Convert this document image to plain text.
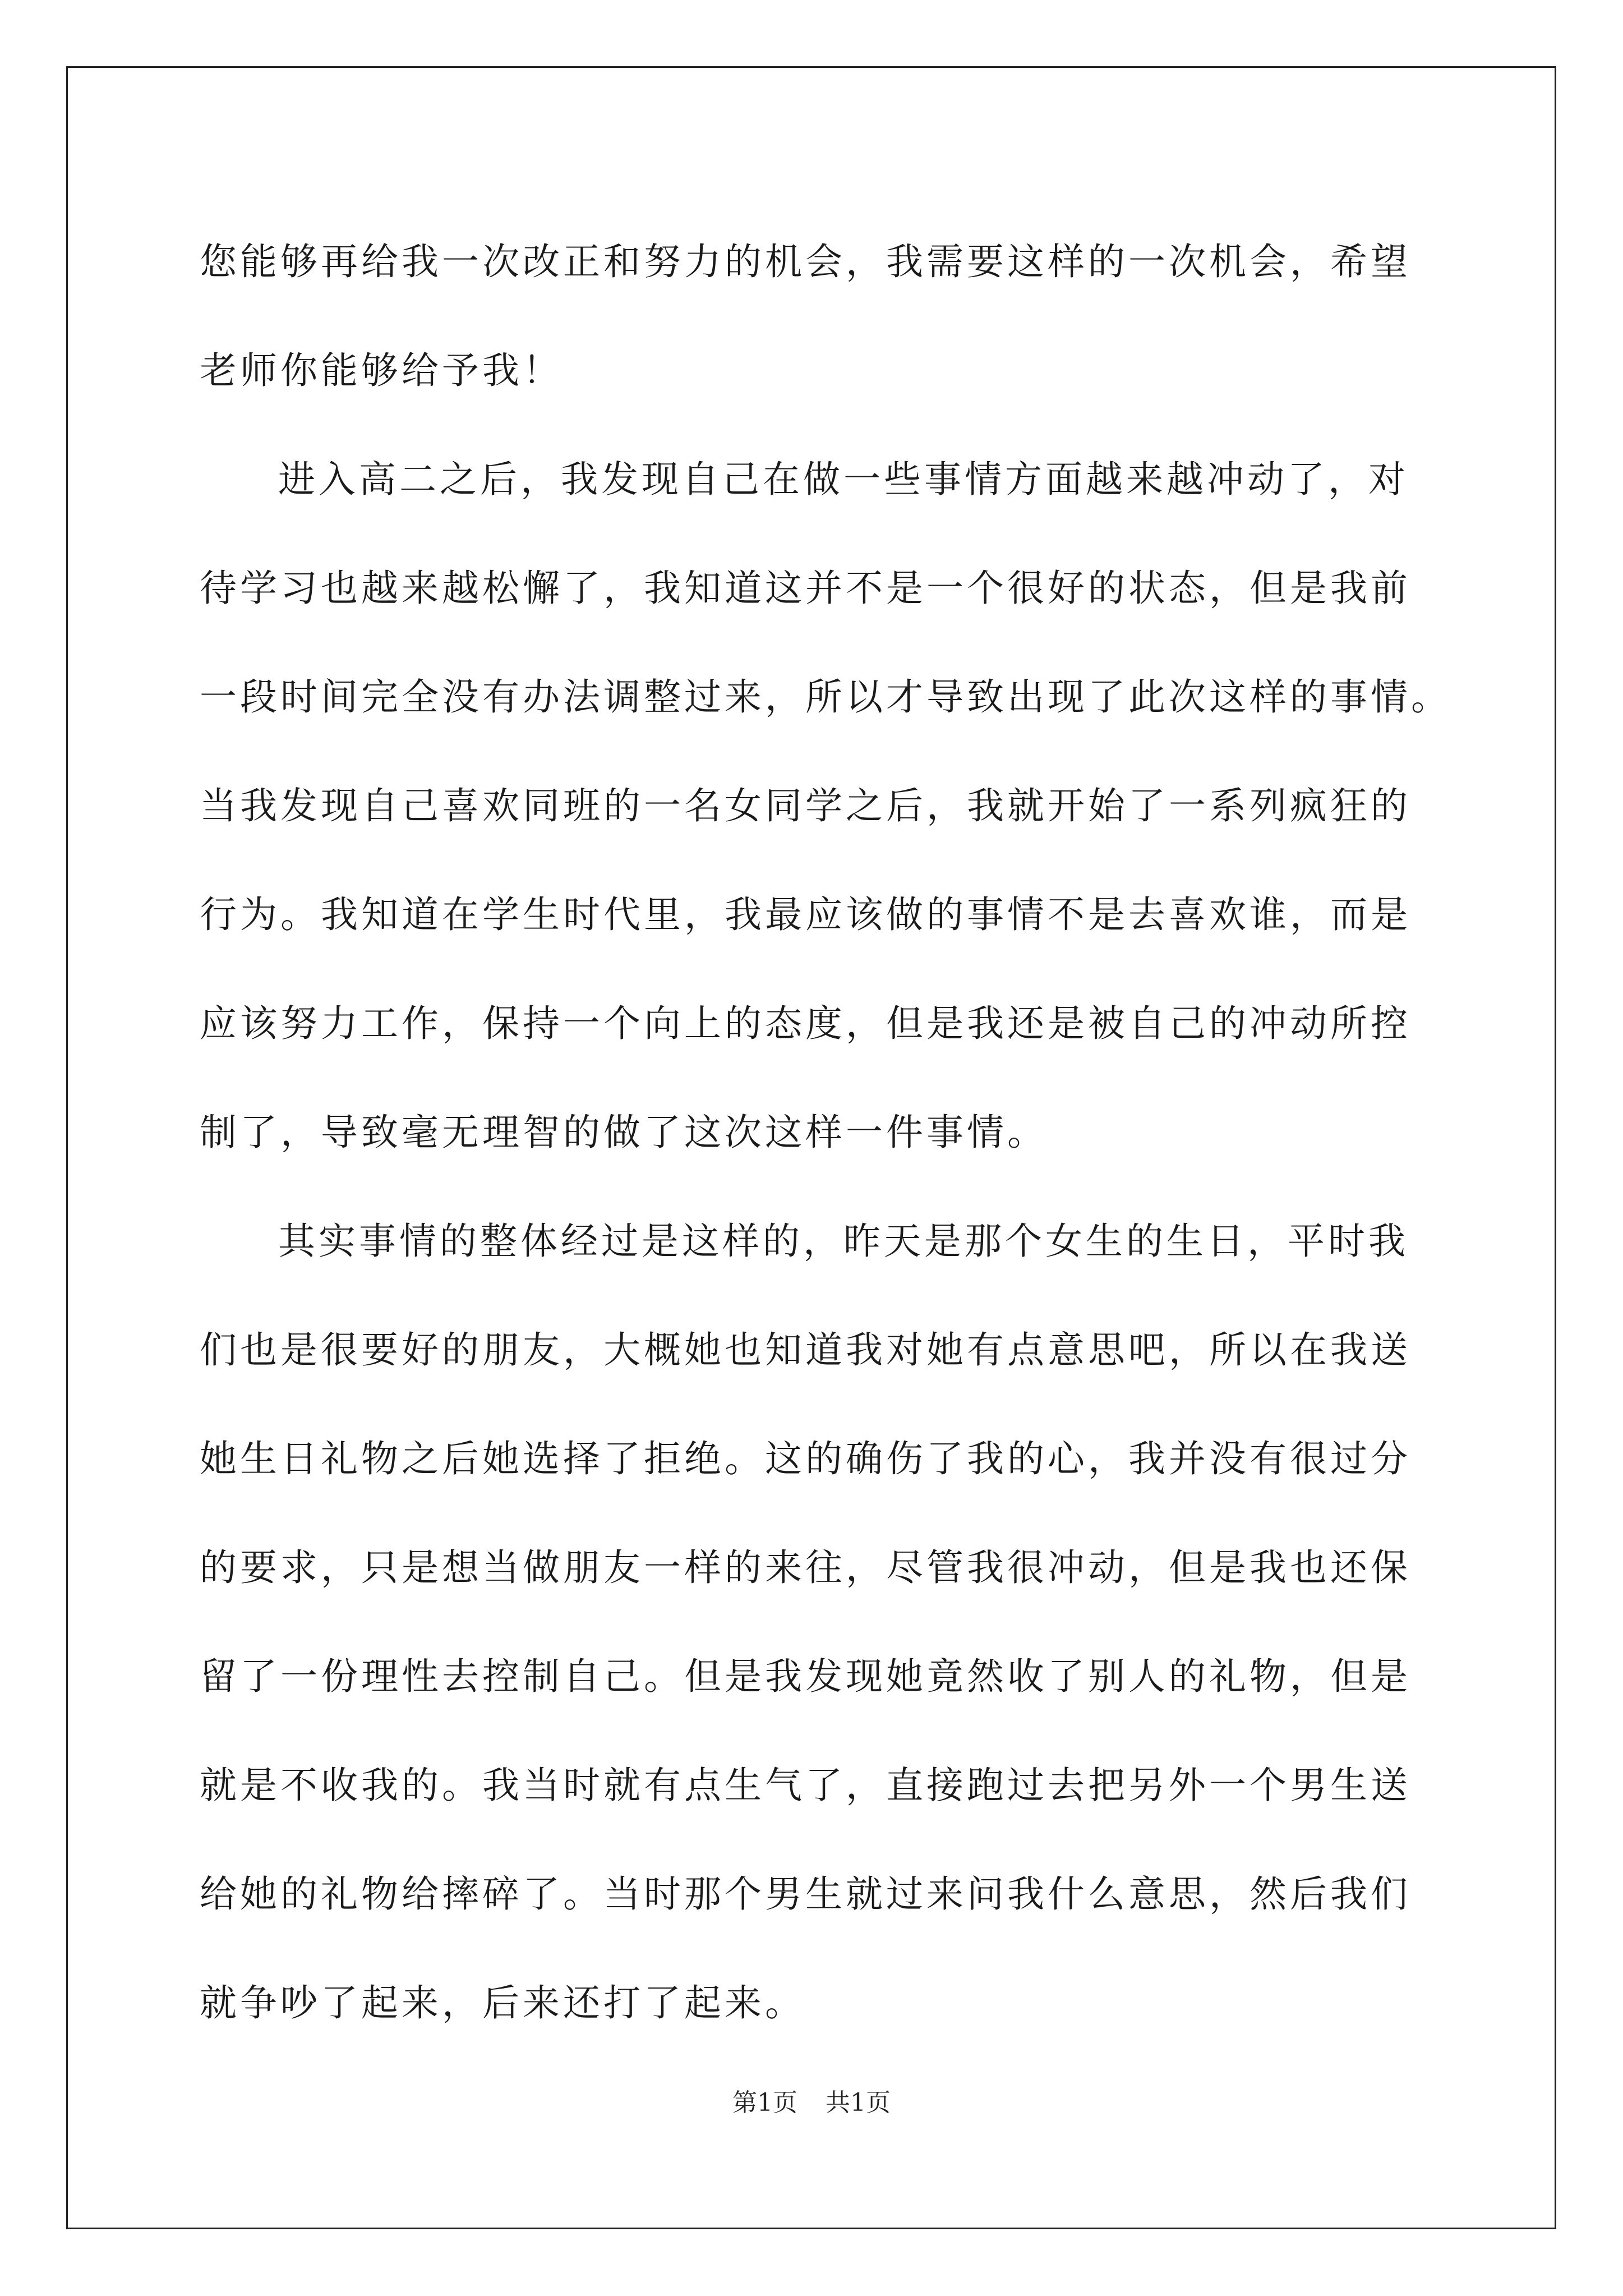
您能够再给我一次改正和努力的机会，我需要这样的一次机会，希望
老师你能够给予我！
进入高二之后，我发现自己在做一些事情方面越来越冲动了，对
待学习也越来越松懈了，我知道这并不是一个很好的状态，但是我前
一段时间完全没有办法调整过来，所以才导致出现了此次这样的事情。
当我发现自己喜欢同班的一名女同学之后，我就开始了一系列疯狂的
行为。我知道在学生时代里，我最应该做的事情不是去喜欢谁，而是
应该努力工作，保持一个向上的态度，但是我还是被自己的冲动所控
制了，导致毫无理智的做了这次这样一件事情。
其实事情的整体经过是这样的，昨天是那个女生的生日，平时我
们也是很要好的朋友，大概她也知道我对她有点意思吧，所以在我送
她生日礼物之后她选择了拒绝。这的确伤了我的心，我并没有很过分
的要求，只是想当做朋友一样的来往，尽管我很冲动，但是我也还保
留了一份理性去控制自己。但是我发现她竟然收了别人的礼物，但是
就是不收我的。我当时就有点生气了，直接跑过去把另外一个男生送
给她的礼物给摔碎了。当时那个男生就过来问我什么意思，然后我们
就争吵了起来，后来还打了起来。
第1页 共1页
